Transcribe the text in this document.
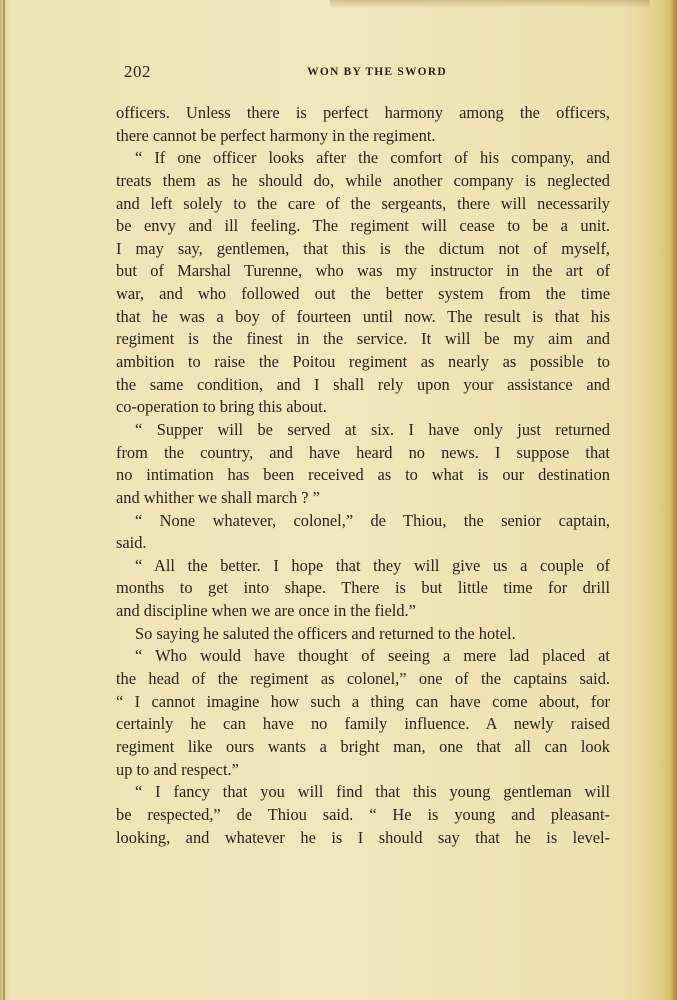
202	WON BY THE SWORD
officers. Unless there is perfect harmony among the officers,
there cannot be perfect harmony in the regiment.
“ If one officer looks after the comfort of his company, and
treats them as he should do, while another company is neglected
and left solely to the care of the sergeants, there will necessarily
be envy and ill feeling. The regiment will cease to be a unit.
I may say, gentlemen, that this is the dictum not of myself,
but of Marshal Turenne, who was my instructor in the art of
war, and who followed out the better system from the time
that he was a boy of fourteen until now. The result is that his
regiment is the finest in the service. It will be my aim and
ambition to raise the Poitou regiment as nearly as possible to
the same condition, and I shall rely upon your assistance and
co-operation to bring this about.
“ Supper will be served at six. I have only just returned
from the country, and have heard no news. I suppose that
no intimation has been received as to what is our destination
and whither we shall march ? ”
“ None whatever, colonel,” de Thiou, the senior captain,
said.
“ All the better. I hope that they will give us a couple of
months to get into shape. There is but little time for drill
and discipline when we are once in the field.”
So saying he saluted the officers and returned to the hotel.
“ Who would have thought of seeing a mere lad placed at
the head of the regiment as colonel,” one of the captains said.
“ I cannot imagine how such a thing can have come about, for
certainly he can have no family influence. A newly raised
regiment like ours wants a bright man, one that all can look
up to and respect.”
“ I fancy that you will find that this young gentleman will
be respected,” de Thiou said. “ He is young and pleasant-
looking, and whatever he is I should say that he is level-
